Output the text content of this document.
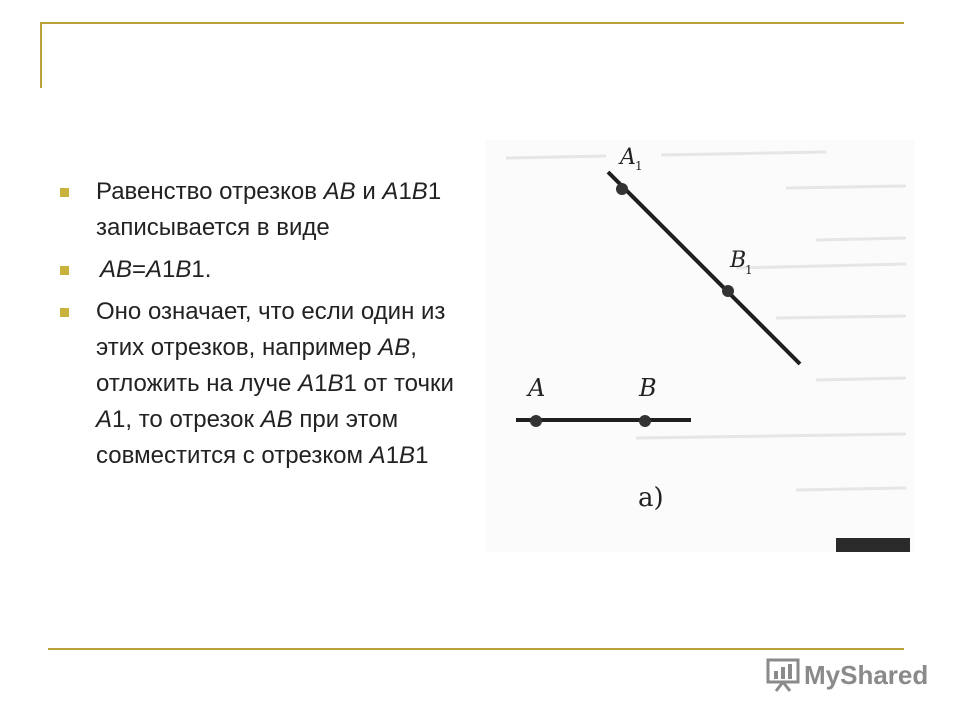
Равенство отрезков АВ и А1В1 записывается в виде
АВ=А1В1.
Оно означает, что если один из этих отрезков, например АВ, отложить на луче А1В1 от точки А1, то отрезок АВ при этом совместится с отрезком А1В1
A 1
B
1
A	B
а)
MyShared
